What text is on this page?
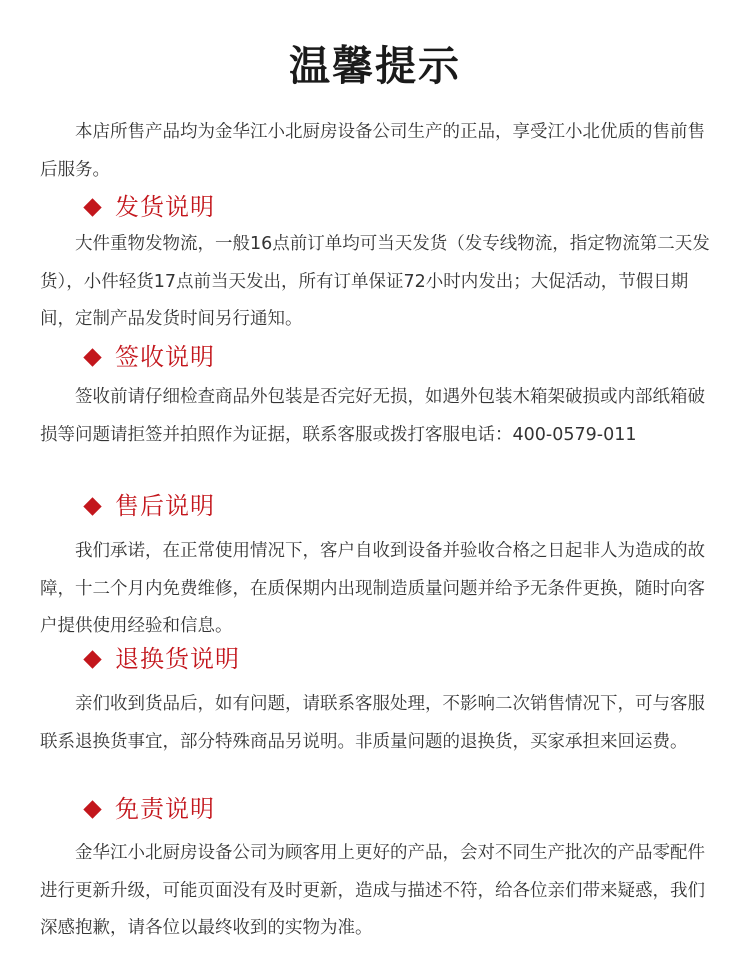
温馨提示

本店所售产品均为金华江小北厨房设备公司生产的正品，享受江小北优质的售前售后服务。

发货说明

大件重物发物流，一般16点前订单均可当天发货（发专线物流，指定物流第二天发货），小件轻货17点前当天发出，所有订单保证72小时内发出；大促活动，节假日期间，定制产品发货时间另行通知。

签收说明

签收前请仔细检查商品外包装是否完好无损，如遇外包装木箱架破损或内部纸箱破损等问题请拒签并拍照作为证据，联系客服或拨打客服电话：400-0579-011

售后说明

我们承诺，在正常使用情况下，客户自收到设备并验收合格之日起非人为造成的故障，十二个月内免费维修，在质保期内出现制造质量问题并给予无条件更换，随时向客户提供使用经验和信息。

退换货说明

亲们收到货品后，如有问题，请联系客服处理，不影响二次销售情况下，可与客服联系退换货事宜，部分特殊商品另说明。非质量问题的退换货，买家承担来回运费。

免责说明

金华江小北厨房设备公司为顾客用上更好的产品，会对不同生产批次的产品零配件进行更新升级，可能页面没有及时更新，造成与描述不符，给各位亲们带来疑惑，我们深感抱歉，请各位以最终收到的实物为准。
